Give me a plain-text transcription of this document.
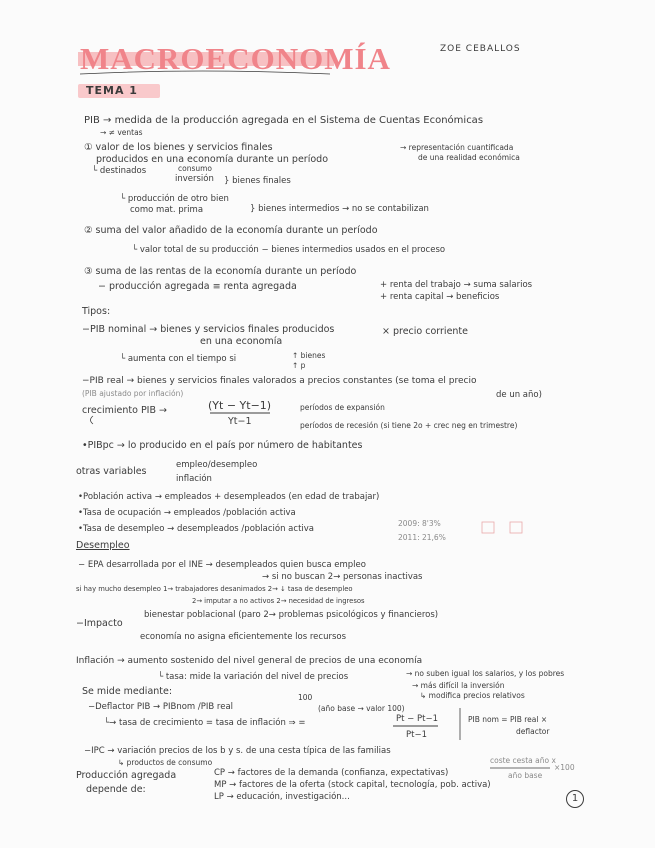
MACROECONOMÍA	ZOE CEBALLOS
TEMA 1
PIB → medida de la producción agregada en el Sistema de Cuentas Económicas
→ ≠ ventas
→ representación cuantificada
de una realidad económica
① valor de los bienes y servicios finales
producidos en una economía durante un período
└ destinados	consumo
inversión } bienes finales
└ producción de otro bien
como mat. prima	} bienes intermedios → no se contabilizan
② suma del valor añadido de la economía durante un período
└ valor total de su producción − bienes intermedios usados en el proceso
③ suma de las rentas de la economía durante un período
− producción agregada ≡ renta agregada	+ renta del trabajo → suma salarios
+ renta capital → beneficios
Tipos:
−PIB nominal → bienes y servicios finales producidos
en una economía
× precio corriente
└ aumenta con el tiempo si	↑ bienes
↑ p
−PIB real → bienes y servicios finales valorados a precios constantes (se toma el precio
(PIB ajustado por inflación)	de un año)
crecimiento PIB →	(Yt − Yt−1)
Yt−1
períodos de expansión
períodos de recesión (si tiene 2o + crec neg en trimestre)
•PIBpc → lo producido en el país por número de habitantes
otras variables
empleo/desempleo
inflación
•Población activa → empleados + desempleados (en edad de trabajar)
•Tasa de ocupación → empleados /población activa
•Tasa de desempleo → desempleados /población activa
2009: 8'3%
2011: 21,6%
Desempleo
− EPA desarrollada por el INE → desempleados quien busca empleo
→ si no buscan 2→ personas inactivas
si hay mucho desempleo 1→ trabajadores desanimados 2→ ↓ tasa de desempleo
2→ imputar a no activos 2→ necesidad de ingresos
−Impacto
bienestar poblacional (paro 2→ problemas psicológicos y financieros)
economía no asigna eficientemente los recursos
Inflación → aumento sostenido del nivel general de precios de una economía
└ tasa: mide la variación del nivel de precios	→ no suben igual los salarios, y los pobres
→ más difícil la inversión
↳ modifica precios relativos
Se mide mediante:
100
−Deflactor PIB → PIBnom /PIB real	(año base → valor 100)
└→ tasa de crecimiento = tasa de inflación ⇒ =	Pt − Pt−1
Pt−1
PIB nom = PIB real ×
deflactor
−IPC → variación precios de los b y s. de una cesta típica de las familias
↳ productos de consumo	coste cesta año x
año base
×100
Producción agregada
depende de:
CP → factores de la demanda (confianza, expectativas)
MP → factores de la oferta (stock capital, tecnología, pob. activa)
LP → educación, investigación...	1
